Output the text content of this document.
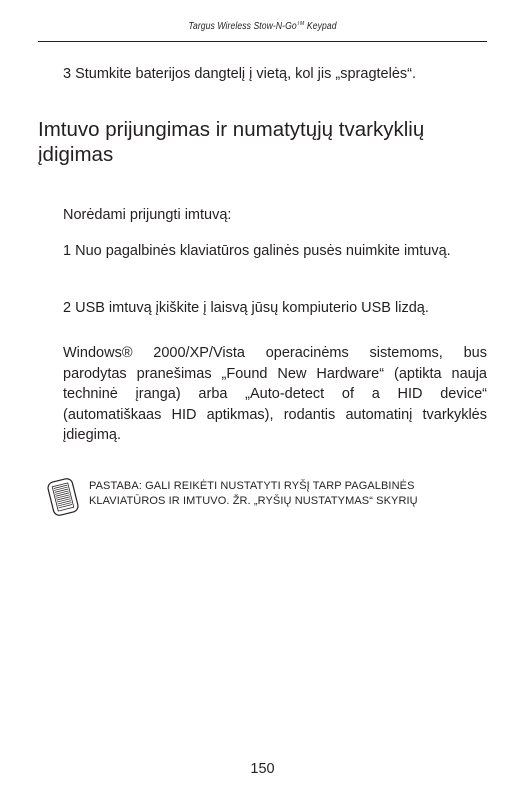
Targus Wireless Stow-N-Go™ Keypad
3 Stumkite baterijos dangtelį į vietą, kol jis „spragtelės“.
Imtuvo prijungimas ir numatytųjų tvarkyklių
įdigimas

Norėdami prijungti imtuvą:

1 Nuo pagalbinės klaviatūros galinės pusės nuimkite imtuvą.

2 USB imtuvą įkiškite į laisvą jūsų kompiuterio USB lizdą.

Windows® 2000/XP/Vista operacinėms sistemoms, bus parodytas pranešimas „Found New Hardware“ (aptikta nauja techninė įranga) arba „Auto-detect of a HID device“ (automatiškaas HID aptikmas), rodantis automatinį tvarkyklės įdiegimą.

PASTABA: GALI REIKĖTI NUSTATYTI RYŠĮ TARP PAGALBINĖS
KLAVIATŪROS IR IMTUVO. ŽR. „RYŠIŲ NUSTATYMAS“ SKYRIŲ
150
